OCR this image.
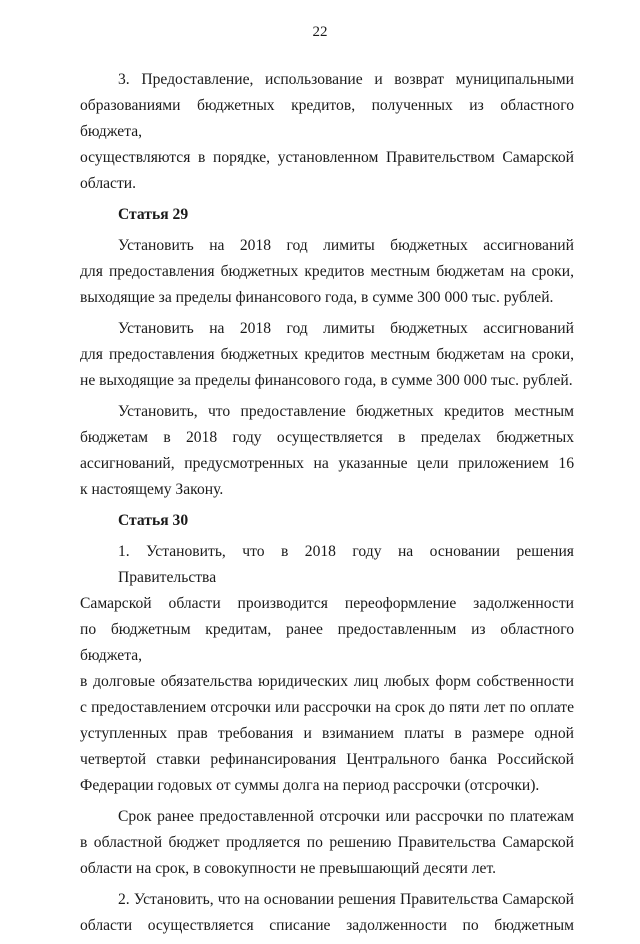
22
3. Предоставление, использование и возврат муниципальными
образованиями бюджетных кредитов, полученных из областного бюджета,
осуществляются в порядке, установленном Правительством Самарской
области.
Статья 29
Установить на 2018 год лимиты бюджетных ассигнований
для предоставления бюджетных кредитов местным бюджетам на сроки,
выходящие за пределы финансового года, в сумме 300 000 тыс. рублей.
Установить на 2018 год лимиты бюджетных ассигнований
для предоставления бюджетных кредитов местным бюджетам на сроки,
не выходящие за пределы финансового года, в сумме 300 000 тыс. рублей.
Установить, что предоставление бюджетных кредитов местным
бюджетам в 2018 году осуществляется в пределах бюджетных
ассигнований, предусмотренных на указанные цели приложением 16
к настоящему Закону.
Статья 30
1. Установить, что в 2018 году на основании решения Правительства
Самарской области производится переоформление задолженности
по бюджетным кредитам, ранее предоставленным из областного бюджета,
в долговые обязательства юридических лиц любых форм собственности
с предоставлением отсрочки или рассрочки на срок до пяти лет по оплате
уступленных прав требования и взиманием платы в размере одной
четвертой ставки рефинансирования Центрального банка Российской
Федерации годовых от суммы долга на период рассрочки (отсрочки).
Срок ранее предоставленной отсрочки или рассрочки по платежам
в областной бюджет продляется по решению Правительства Самарской
области на срок, в совокупности не превышающий десяти лет.
2. Установить, что на основании решения Правительства Самарской
области осуществляется списание задолженности по бюджетным
